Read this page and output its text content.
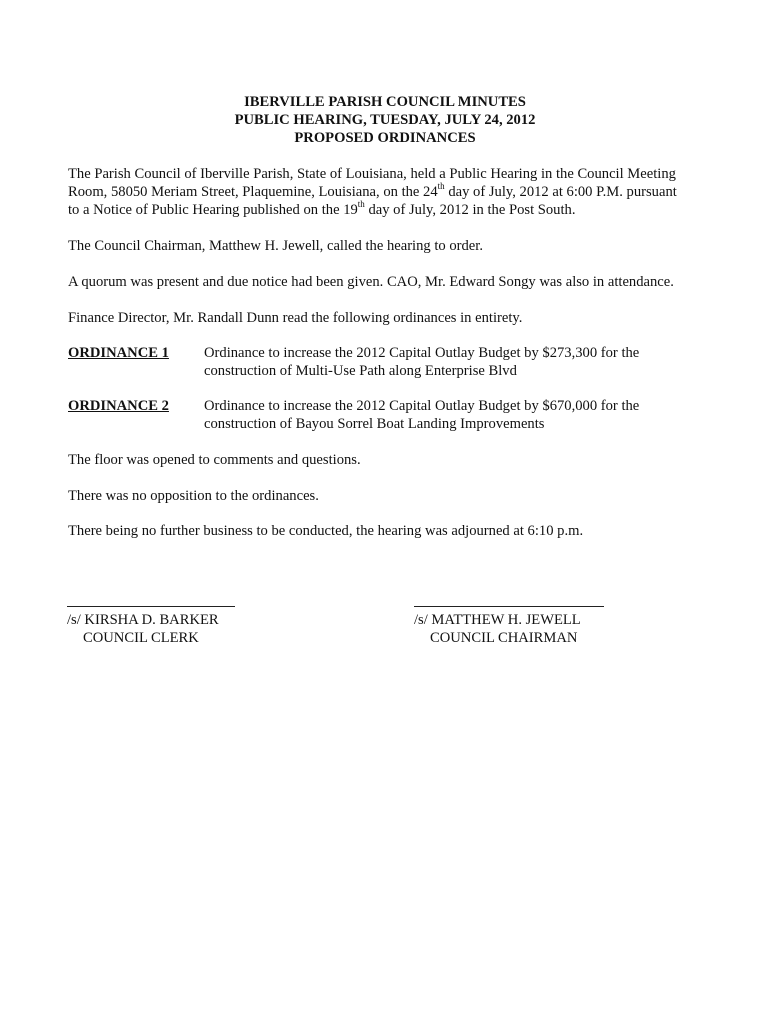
IBERVILLE PARISH COUNCIL MINUTES
PUBLIC HEARING, TUESDAY, JULY 24, 2012
PROPOSED ORDINANCES
The Parish Council of Iberville Parish, State of Louisiana, held a Public Hearing in the Council Meeting
Room, 58050 Meriam Street, Plaquemine, Louisiana, on the 24th day of July, 2012 at 6:00 P.M. pursuant
to a Notice of Public Hearing published on the 19th day of July, 2012 in the Post South.
The Council Chairman, Matthew H. Jewell, called the hearing to order.
A quorum was present and due notice had been given. CAO, Mr. Edward Songy was also in attendance.
Finance Director, Mr. Randall Dunn read the following ordinances in entirety.
ORDINANCE 1 Ordinance to increase the 2012 Capital Outlay Budget by $273,300 for the
construction of Multi-Use Path along Enterprise Blvd
ORDINANCE 2 Ordinance to increase the 2012 Capital Outlay Budget by $670,000 for the
construction of Bayou Sorrel Boat Landing Improvements
The floor was opened to comments and questions.
There was no opposition to the ordinances.
There being no further business to be conducted, the hearing was adjourned at 6:10 p.m.
/s/ KIRSHA D. BARKER
COUNCIL CLERK
/s/ MATTHEW H. JEWELL
COUNCIL CHAIRMAN
